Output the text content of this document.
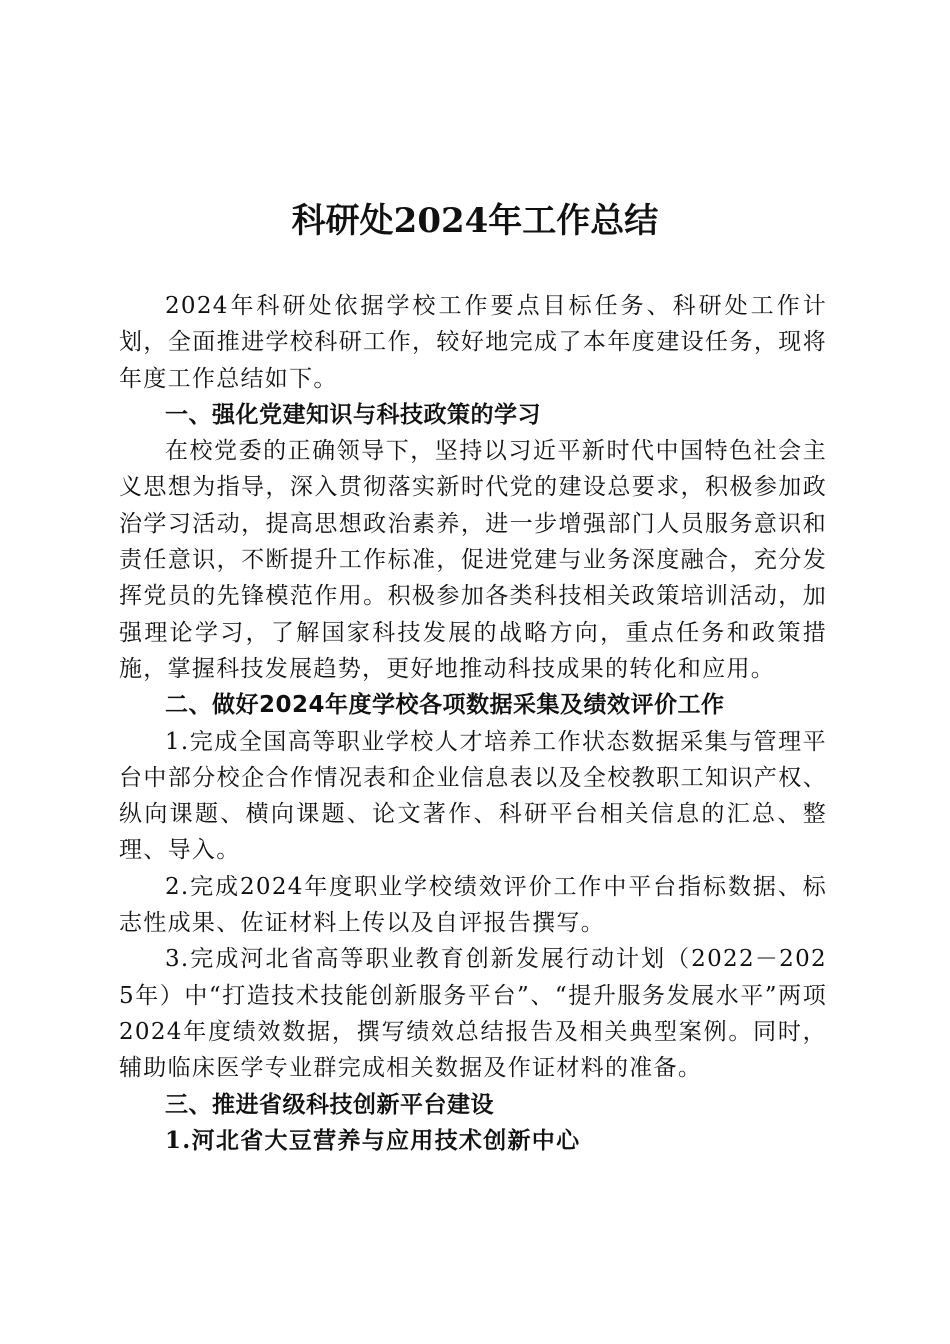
科研处2024年工作总结

2024年科研处依据学校工作要点目标任务、科研处工作计划，全面推进学校科研工作，较好地完成了本年度建设任务，现将年度工作总结如下。

一、强化党建知识与科技政策的学习

在校党委的正确领导下，坚持以习近平新时代中国特色社会主义思想为指导，深入贯彻落实新时代党的建设总要求，积极参加政治学习活动，提高思想政治素养，进一步增强部门人员服务意识和责任意识，不断提升工作标准，促进党建与业务深度融合，充分发挥党员的先锋模范作用。积极参加各类科技相关政策培训活动，加强理论学习，了解国家科技发展的战略方向，重点任务和政策措施，掌握科技发展趋势，更好地推动科技成果的转化和应用。

二、做好2024年度学校各项数据采集及绩效评价工作

1.完成全国高等职业学校人才培养工作状态数据采集与管理平台中部分校企合作情况表和企业信息表以及全校教职工知识产权、纵向课题、横向课题、论文著作、科研平台相关信息的汇总、整理、导入。

2.完成2024年度职业学校绩效评价工作中平台指标数据、标志性成果、佐证材料上传以及自评报告撰写。

3.完成河北省高等职业教育创新发展行动计划（2022－2025年）中“打造技术技能创新服务平台”、“提升服务发展水平”两项2024年度绩效数据，撰写绩效总结报告及相关典型案例。同时，辅助临床医学专业群完成相关数据及作证材料的准备。

三、推进省级科技创新平台建设

1.河北省大豆营养与应用技术创新中心
